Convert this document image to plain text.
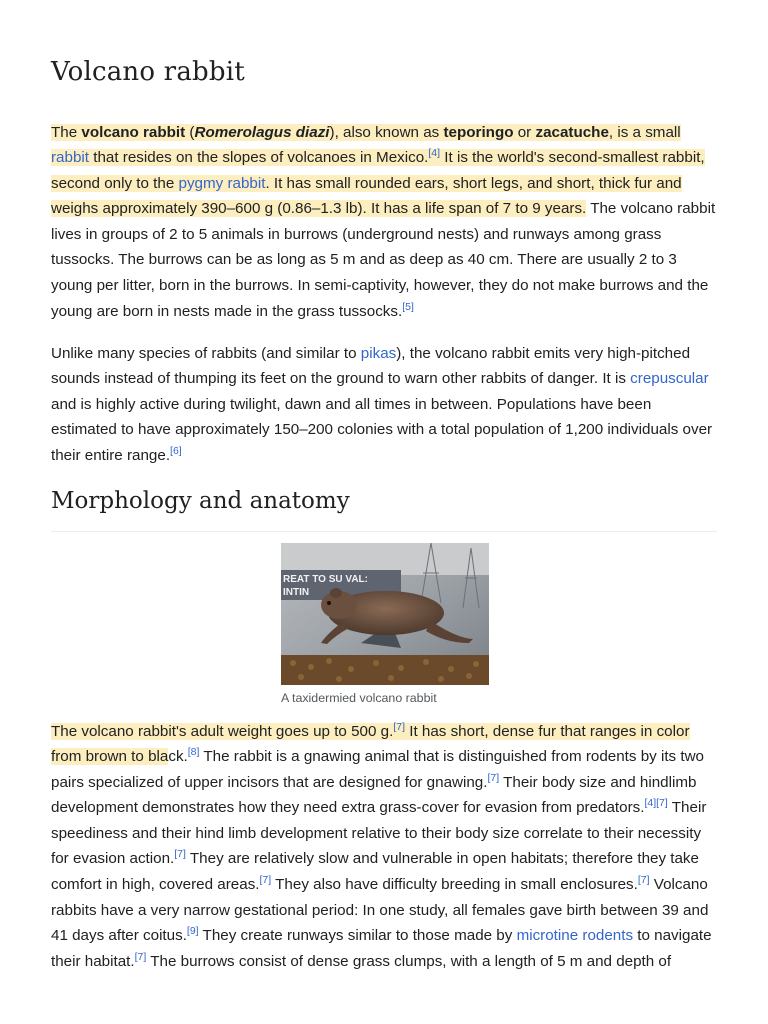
Volcano rabbit

The volcano rabbit (Romerolagus diazi), also known as teporingo or zacatuche, is a small rabbit that resides on the slopes of volcanoes in Mexico.[4] It is the world's second-smallest rabbit, second only to the pygmy rabbit. It has small rounded ears, short legs, and short, thick fur and weighs approximately 390–600 g (0.86–1.3 lb). It has a life span of 7 to 9 years. The volcano rabbit lives in groups of 2 to 5 animals in burrows (underground nests) and runways among grass tussocks. The burrows can be as long as 5 m and as deep as 40 cm. There are usually 2 to 3 young per litter, born in the burrows. In semi-captivity, however, they do not make burrows and the young are born in nests made in the grass tussocks.[5]

Unlike many species of rabbits (and similar to pikas), the volcano rabbit emits very high-pitched sounds instead of thumping its feet on the ground to warn other rabbits of danger. It is crepuscular and is highly active during twilight, dawn and all times in between. Populations have been estimated to have approximately 150–200 colonies with a total population of 1,200 individuals over their entire range.[6]

Morphology and anatomy
REAT TO SU VAL:
INTIN
A taxidermied volcano rabbit

The volcano rabbit's adult weight goes up to 500 g.[7] It has short, dense fur that ranges in color from brown to black.[8] The rabbit is a gnawing animal that is distinguished from rodents by its two pairs specialized of upper incisors that are designed for gnawing.[7] Their body size and hindlimb development demonstrates how they need extra grass-cover for evasion from predators.[4][7] Their speediness and their hind limb development relative to their body size correlate to their necessity for evasion action.[7] They are relatively slow and vulnerable in open habitats; therefore they take comfort in high, covered areas.[7] They also have difficulty breeding in small enclosures.[7] Volcano rabbits have a very narrow gestational period: In one study, all females gave birth between 39 and 41 days after coitus.[9] They create runways similar to those made by microtine rodents to navigate their habitat.[7] The burrows consist of dense grass clumps, with a length of 5 m and depth of
